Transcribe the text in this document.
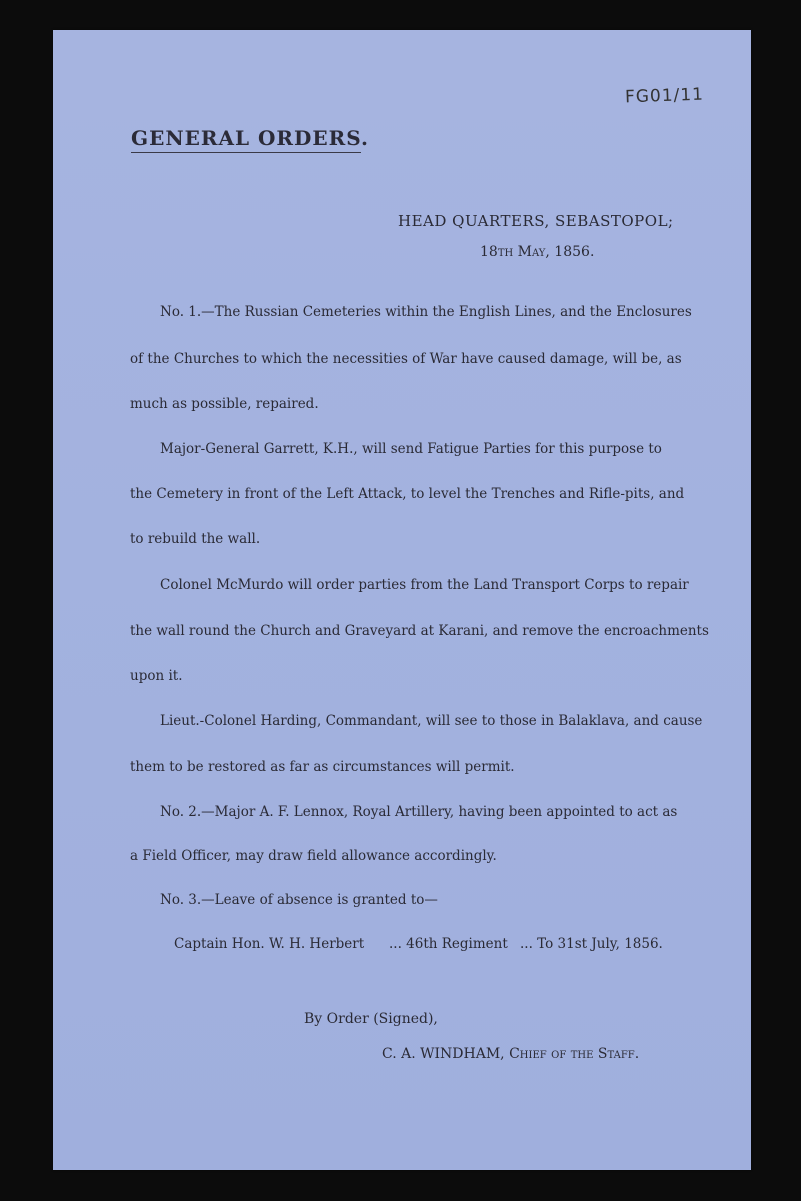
FG01/11
GENERAL ORDERS.
HEAD QUARTERS, SEBASTOPOL;
18th May, 1856.
No. 1.—The Russian Cemeteries within the English Lines, and the Enclosures
of the Churches to which the necessities of War have caused damage, will be, as
much as possible, repaired.
Major-General Garrett, K.H., will send Fatigue Parties for this purpose to
the Cemetery in front of the Left Attack, to level the Trenches and Rifle-pits, and
to rebuild the wall.
Colonel McMurdo will order parties from the Land Transport Corps to repair
the wall round the Church and Graveyard at Karani, and remove the encroachments
upon it.
Lieut.-Colonel Harding, Commandant, will see to those in Balaklava, and cause
them to be restored as far as circumstances will permit.
No. 2.—Major A. F. Lennox, Royal Artillery, having been appointed to act as
a Field Officer, may draw field allowance accordingly.
No. 3.—Leave of absence is granted to—
Captain Hon. W. H. Herbert ... 46th Regiment ... To 31st July, 1856.
By Order (Signed),
C. A. WINDHAM, Chief of the Staff.
